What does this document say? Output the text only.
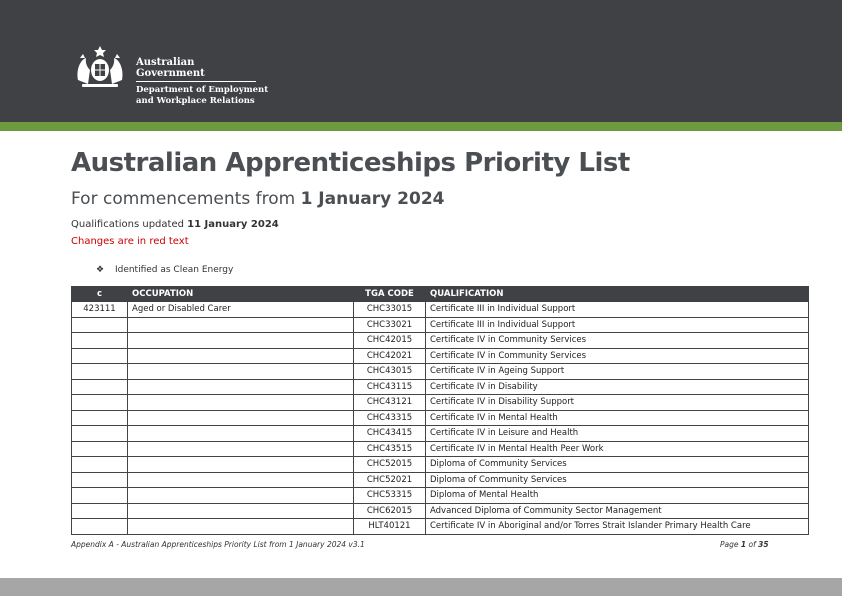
Australian Government
Department of Employment
and Workplace Relations
Australian Apprenticeships Priority List
For commencements from 1 January 2024
Qualifications updated 11 January 2024
Changes are in red text
❖ Identified as Clean Energy
c	OCCUPATION	TGA CODE	QUALIFICATION
423111	Aged or Disabled Carer	CHC33015	Certificate III in Individual Support
		CHC33021	Certificate III in Individual Support
		CHC42015	Certificate IV in Community Services
		CHC42021	Certificate IV in Community Services
		CHC43015	Certificate IV in Ageing Support
		CHC43115	Certificate IV in Disability
		CHC43121	Certificate IV in Disability Support
		CHC43315	Certificate IV in Mental Health
		CHC43415	Certificate IV in Leisure and Health
		CHC43515	Certificate IV in Mental Health Peer Work
		CHC52015	Diploma of Community Services
		CHC52021	Diploma of Community Services
		CHC53315	Diploma of Mental Health
		CHC62015	Advanced Diploma of Community Sector Management
		HLT40121	Certificate IV in Aboriginal and/or Torres Strait Islander Primary Health Care
Appendix A - Australian Apprenticeships Priority List from 1 January 2024 v3.1	Page 1 of 35
